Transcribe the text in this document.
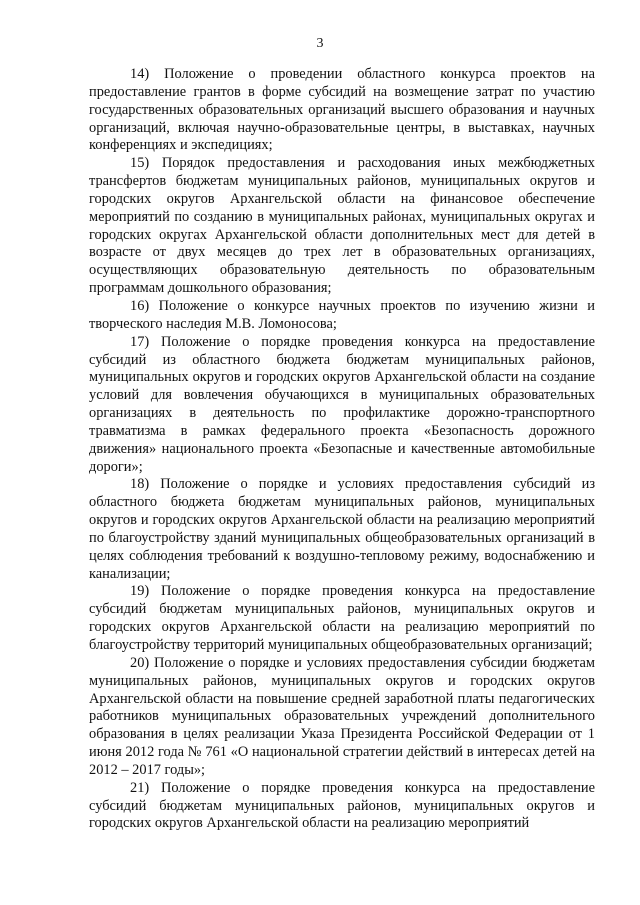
3

14) Положение о проведении областного конкурса проектов на предоставление грантов в форме субсидий на возмещение затрат по участию государственных образовательных организаций высшего образования и научных организаций, включая научно-образовательные центры, в выставках, научных конференциях и экспедициях;

15) Порядок предоставления и расходования иных межбюджетных трансфертов бюджетам муниципальных районов, муниципальных округов и городских округов Архангельской области на финансовое обеспечение мероприятий по созданию в муниципальных районах, муниципальных округах и городских округах Архангельской области дополнительных мест для детей в возрасте от двух месяцев до трех лет в образовательных организациях, осуществляющих образовательную деятельность по образовательным программам дошкольного образования;

16) Положение о конкурсе научных проектов по изучению жизни и творческого наследия М.В. Ломоносова;

17) Положение о порядке проведения конкурса на предоставление субсидий из областного бюджета бюджетам муниципальных районов, муниципальных округов и городских округов Архангельской области на создание условий для вовлечения обучающихся в муниципальных образовательных организациях в деятельность по профилактике дорожно-транспортного травматизма в рамках федерального проекта «Безопасность дорожного движения» национального проекта «Безопасные и качественные автомобильные дороги»;

18) Положение о порядке и условиях предоставления субсидий из областного бюджета бюджетам муниципальных районов, муниципальных округов и городских округов Архангельской области на реализацию мероприятий по благоустройству зданий муниципальных общеобразовательных организаций в целях соблюдения требований к воздушно-тепловому режиму, водоснабжению и канализации;

19) Положение о порядке проведения конкурса на предоставление субсидий бюджетам муниципальных районов, муниципальных округов и городских округов Архангельской области на реализацию мероприятий по благоустройству территорий муниципальных общеобразовательных организаций;

20) Положение о порядке и условиях предоставления субсидии бюджетам муниципальных районов, муниципальных округов и городских округов Архангельской области на повышение средней заработной платы педагогических работников муниципальных образовательных учреждений дополнительного образования в целях реализации Указа Президента Российской Федерации от 1 июня 2012 года № 761 «О национальной стратегии действий в интересах детей на 2012 – 2017 годы»;

21) Положение о порядке проведения конкурса на предоставление субсидий бюджетам муниципальных районов, муниципальных округов и городских округов Архангельской области на реализацию мероприятий
